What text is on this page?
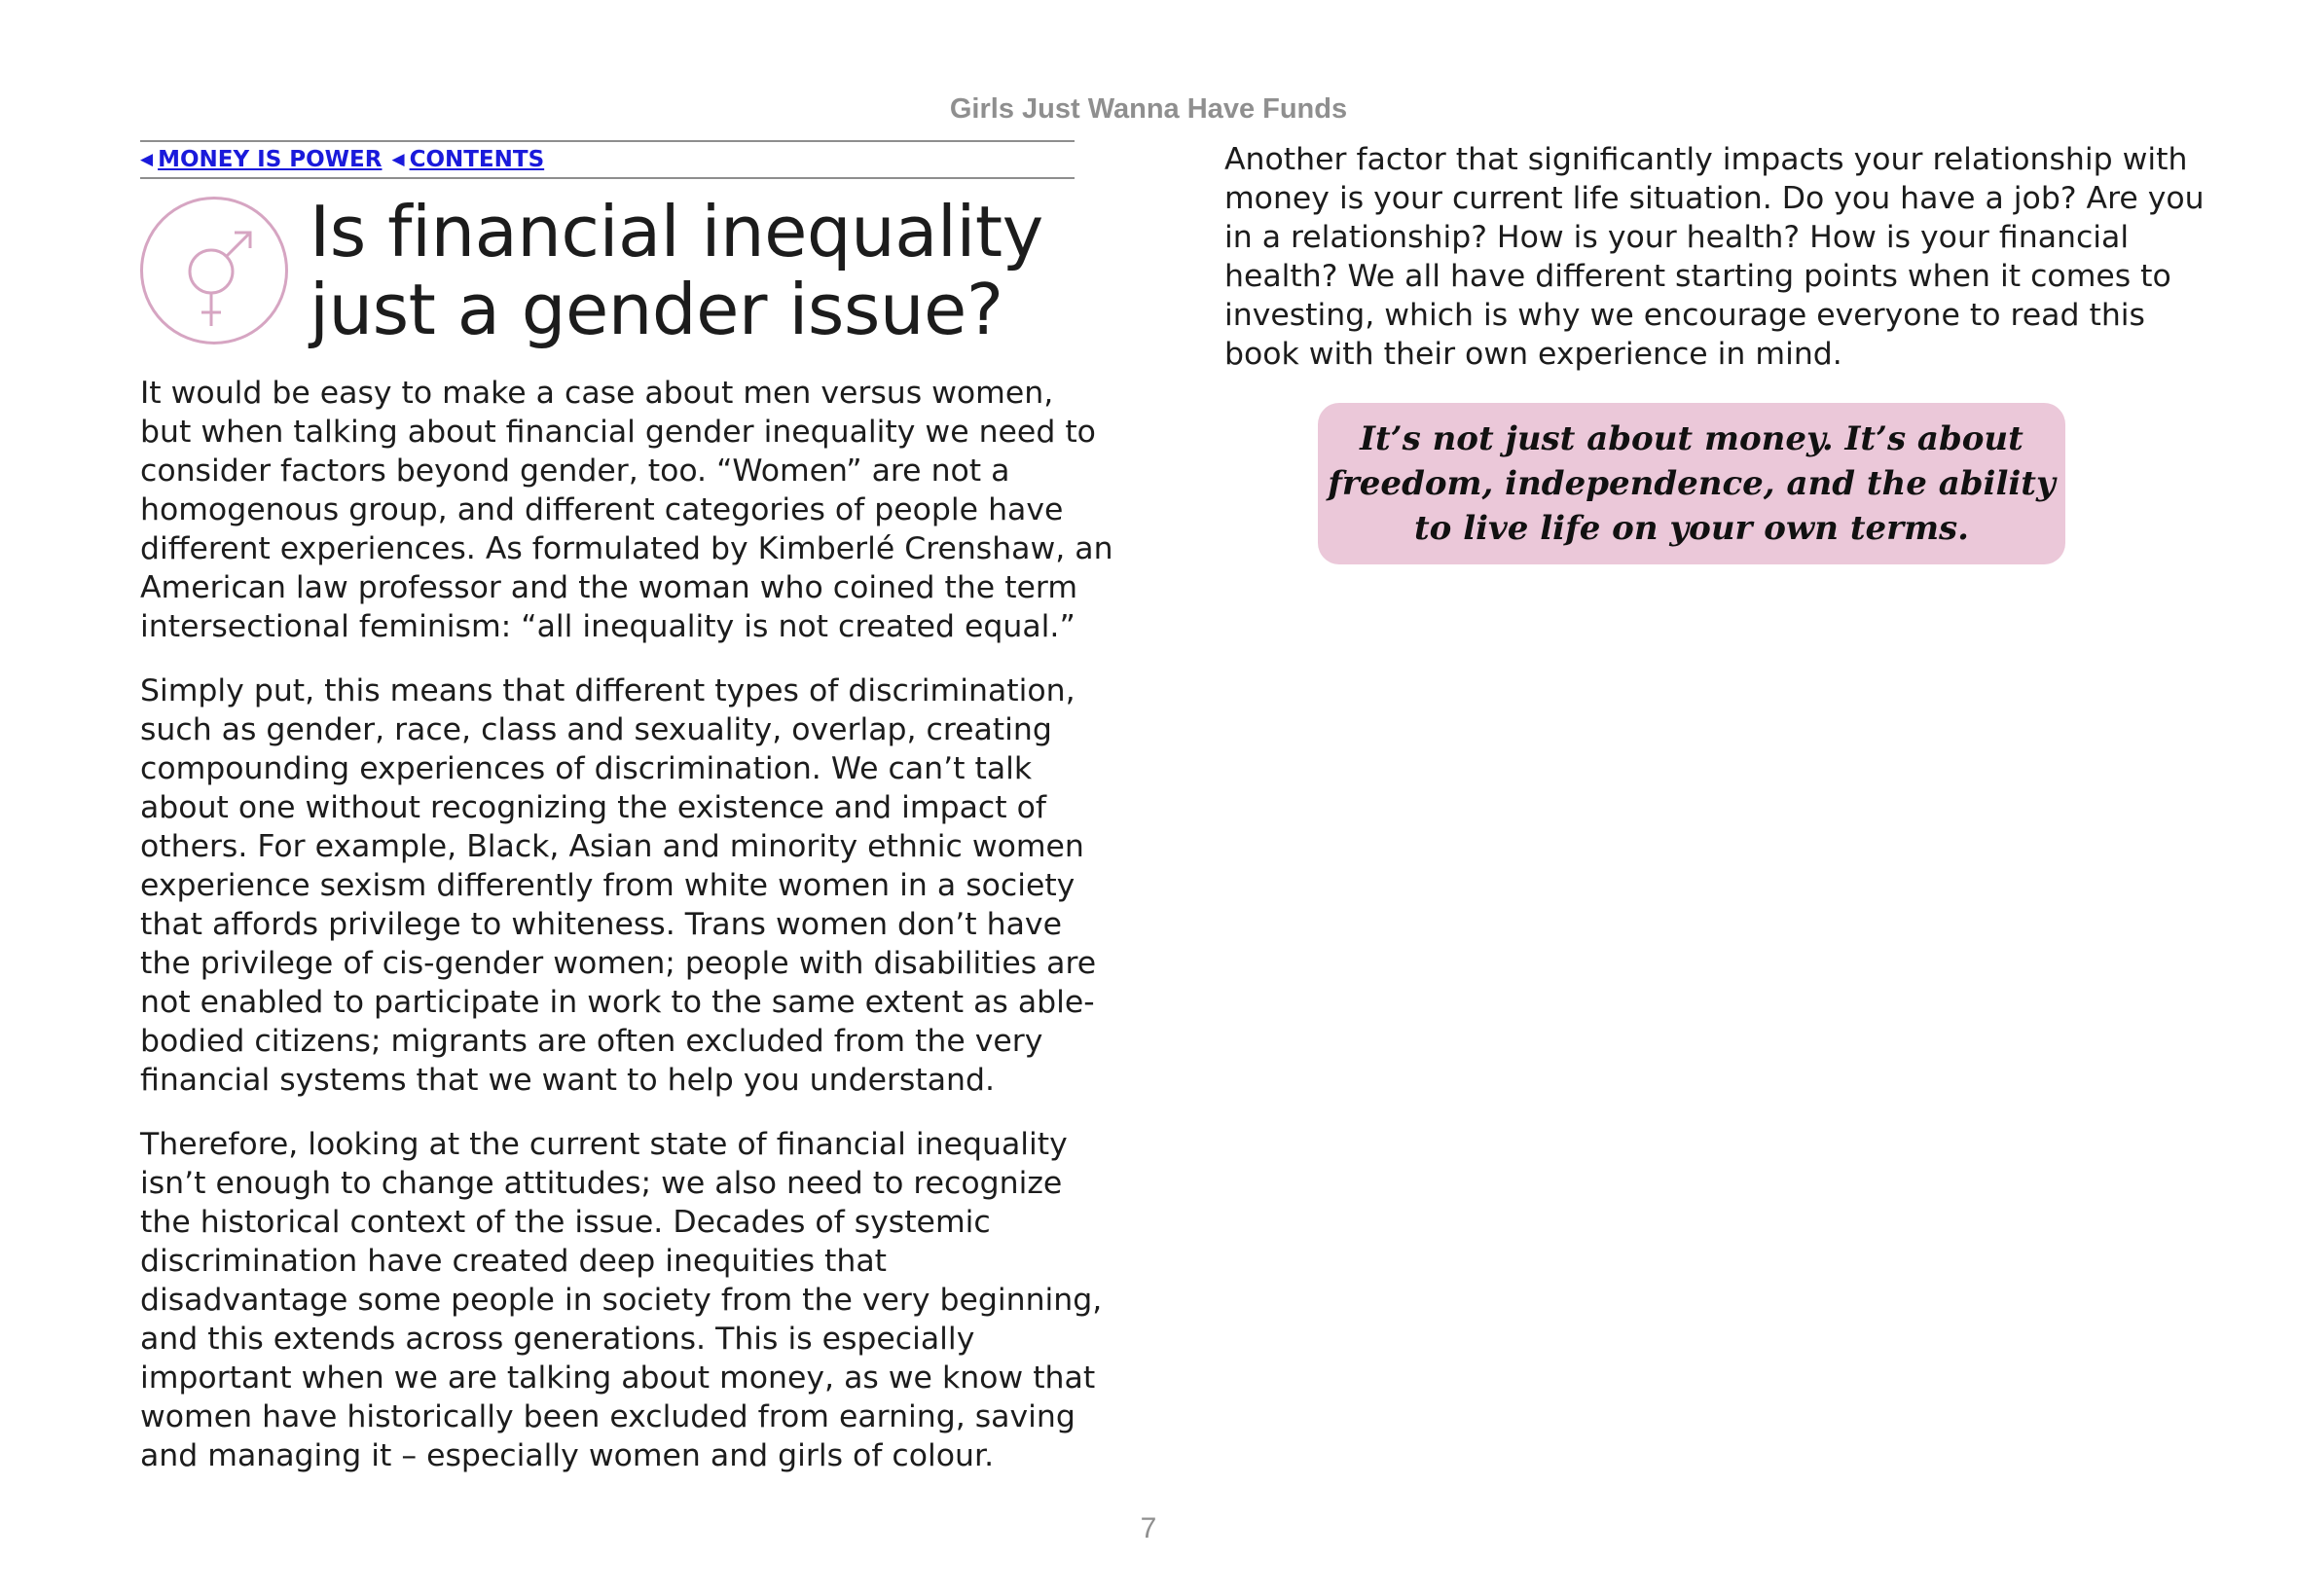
Girls Just Wanna Have Funds
◀ MONEY IS POWER ◀ CONTENTS
Is financial inequality
just a gender issue?

It would be easy to make a case about men versus women,
but when talking about financial gender inequality we need to
consider factors beyond gender, too. “Women” are not a
homogenous group, and different categories of people have
different experiences. As formulated by Kimberlé Crenshaw, an
American law professor and the woman who coined the term
intersectional feminism: “all inequality is not created equal.”

Simply put, this means that different types of discrimination,
such as gender, race, class and sexuality, overlap, creating
compounding experiences of discrimination. We can’t talk
about one without recognizing the existence and impact of
others. For example, Black, Asian and minority ethnic women
experience sexism differently from white women in a society
that affords privilege to whiteness. Trans women don’t have
the privilege of cis-gender women; people with disabilities are
not enabled to participate in work to the same extent as able-
bodied citizens; migrants are often excluded from the very
financial systems that we want to help you understand.

Therefore, looking at the current state of financial inequality
isn’t enough to change attitudes; we also need to recognize
the historical context of the issue. Decades of systemic
discrimination have created deep inequities that
disadvantage some people in society from the very beginning,
and this extends across generations. This is especially
important when we are talking about money, as we know that
women have historically been excluded from earning, saving
and managing it – especially women and girls of colour.

Another factor that significantly impacts your relationship with
money is your current life situation. Do you have a job? Are you
in a relationship? How is your health? How is your financial
health? We all have different starting points when it comes to
investing, which is why we encourage everyone to read this
book with their own experience in mind.

It’s not just about money. It’s about
freedom, independence, and the ability
to live life on your own terms.
7
